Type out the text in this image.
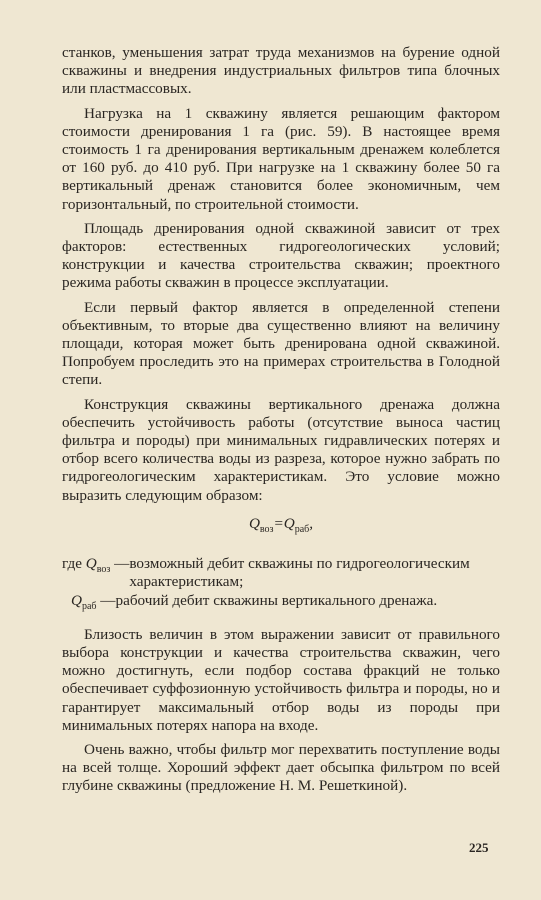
станков, уменьшения затрат труда механизмов на бурение одной скважины и внедрения индустриальных фильтров типа блочных или пластмассовых.

Нагрузка на 1 скважину является решающим фактором стоимости дренирования 1 га (рис. 59). В настоящее время стоимость 1 га дренирования вертикальным дренажем колеблется от 160 руб. до 410 руб. При нагрузке на 1 скважину более 50 га вертикальный дренаж становится более экономичным, чем горизонтальный, по строительной стоимости.

Площадь дренирования одной скважиной зависит от трех факторов: естественных гидрогеологических условий; конструкции и качества строительства скважин; проектного режима работы скважин в процессе эксплуатации.

Если первый фактор является в определенной степени объективным, то вторые два существенно влияют на величину площади, которая может быть дренирована одной скважиной. Попробуем проследить это на примерах строительства в Голодной степи.

Конструкция скважины вертикального дренажа должна обеспечить устойчивость работы (отсутствие выноса частиц фильтра и породы) при минимальных гидравлических потерях и отбор всего количества воды из разреза, которое нужно забрать по гидрогеологическим характеристикам. Это условие можно выразить следующим образом:

$Q_{воз}=Q_{раб}$,
где $Q_{воз}$ — возможный дебит скважины по гидрогеологическим характеристикам;
$Q_{раб}$ — рабочий дебит скважины вертикального дренажа.

Близость величин в этом выражении зависит от правильного выбора конструкции и качества строительства скважин, чего можно достигнуть, если подбор состава фракций не только обеспечивает суффозионную устойчивость фильтра и породы, но и гарантирует максимальный отбор воды из породы при минимальных потерях напора на входе.

Очень важно, чтобы фильтр мог перехватить поступление воды на всей толще. Хороший эффект дает обсыпка фильтром по всей глубине скважины (предложение Н. М. Решеткиной).

225
